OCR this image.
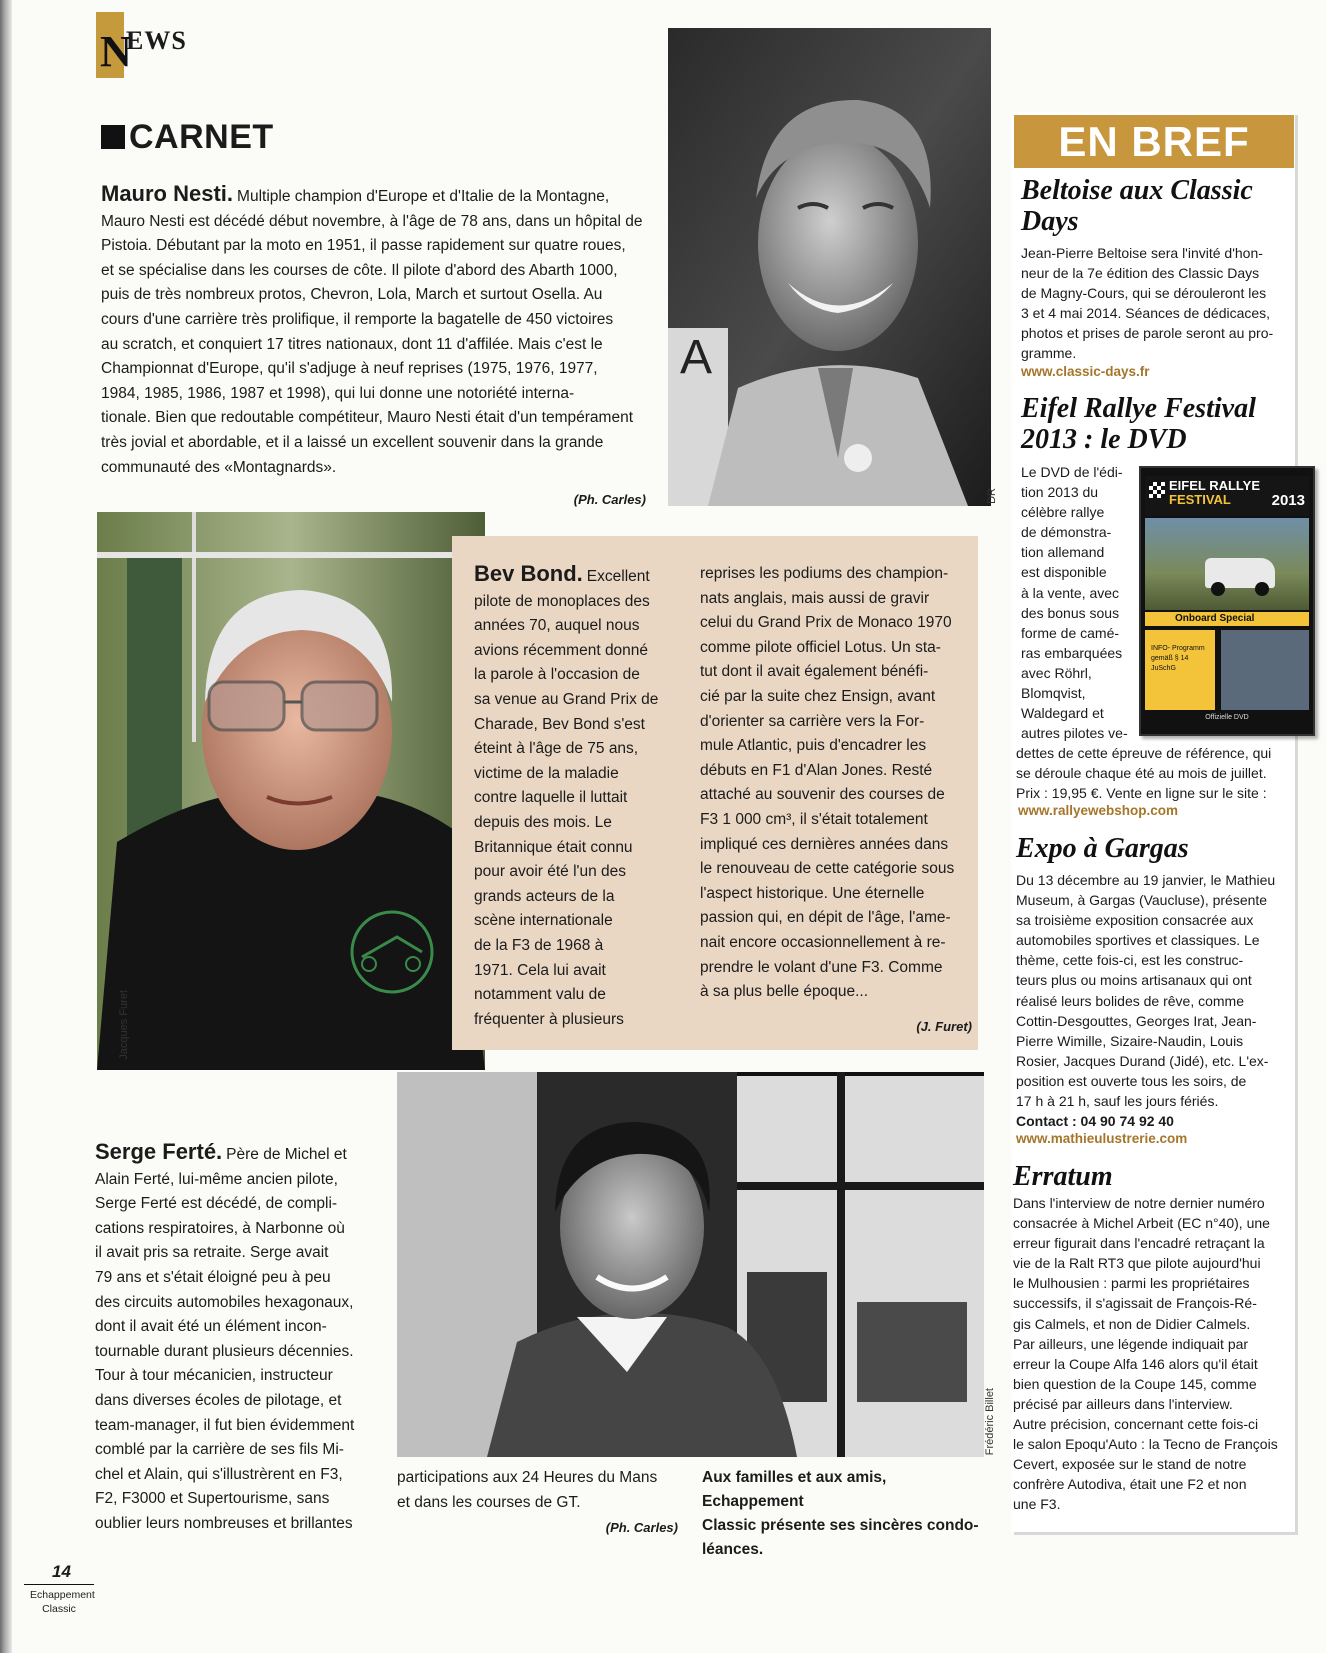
N
EWS
CARNET
Mauro Nesti. Multiple champion d'Europe et d'Italie de la Montagne,
Mauro Nesti est décédé début novembre, à l'âge de 78 ans, dans un hôpital de
Pistoia. Débutant par la moto en 1951, il passe rapidement sur quatre roues,
et se spécialise dans les courses de côte. Il pilote d'abord des Abarth 1000,
puis de très nombreux protos, Chevron, Lola, March et surtout Osella. Au
cours d'une carrière très prolifique, il remporte la bagatelle de 450 victoires
au scratch, et conquiert 17 titres nationaux, dont 11 d'affilée. Mais c'est le
Championnat d'Europe, qu'il s'adjuge à neuf reprises (1975, 1976, 1977,
1984, 1985, 1986, 1987 et 1998), qui lui donne une notoriété interna-
tionale. Bien que redoutable compétiteur, Mauro Nesti était d'un tempérament
très jovial et abordable, et il a laissé un excellent souvenir dans la grande
communauté des «Montagnards».
(Ph. Carles)
A
DR
Jacques Furet
Bev Bond. Excellent
pilote de monoplaces des
années 70, auquel nous
avions récemment donné
la parole à l'occasion de
sa venue au Grand Prix de
Charade, Bev Bond s'est
éteint à l'âge de 75 ans,
victime de la maladie
contre laquelle il luttait
depuis des mois. Le
Britannique était connu
pour avoir été l'un des
grands acteurs de la
scène internationale
de la F3 de 1968 à
1971. Cela lui avait
notamment valu de
fréquenter à plusieurs
reprises les podiums des champion-
nats anglais, mais aussi de gravir
celui du Grand Prix de Monaco 1970
comme pilote officiel Lotus. Un sta-
tut dont il avait également bénéfi-
cié par la suite chez Ensign, avant
d'orienter sa carrière vers la For-
mule Atlantic, puis d'encadrer les
débuts en F1 d'Alan Jones. Resté
attaché au souvenir des courses de
F3 1 000 cm³, il s'était totalement
impliqué ces dernières années dans
le renouveau de cette catégorie sous
l'aspect historique. Une éternelle
passion qui, en dépit de l'âge, l'ame-
nait encore occasionnellement à re-
prendre le volant d'une F3. Comme
à sa plus belle époque...
(J. Furet)
Frédéric Billet
Serge Ferté. Père de Michel et
Alain Ferté, lui-même ancien pilote,
Serge Ferté est décédé, de compli-
cations respiratoires, à Narbonne où
il avait pris sa retraite. Serge avait
79 ans et s'était éloigné peu à peu
des circuits automobiles hexagonaux,
dont il avait été un élément incon-
tournable durant plusieurs décennies.
Tour à tour mécanicien, instructeur
dans diverses écoles de pilotage, et
team-manager, il fut bien évidemment
comblé par la carrière de ses fils Mi-
chel et Alain, qui s'illustrèrent en F3,
F2, F3000 et Supertourisme, sans
oublier leurs nombreuses et brillantes
participations aux 24 Heures du Mans
et dans les courses de GT.
(Ph. Carles)
Aux familles et aux amis, Echappement
Classic présente ses sincères condo-
léances.
EN BREF
Beltoise aux Classic Days
Jean-Pierre Beltoise sera l'invité d'hon-
neur de la 7e édition des Classic Days
de Magny-Cours, qui se dérouleront les
3 et 4 mai 2014. Séances de dédicaces,
photos et prises de parole seront au pro-
gramme.
www.classic-days.fr
Eifel Rallye Festival 2013 : le DVD
Le DVD de l'édi-
tion 2013 du
célèbre rallye
de démonstra-
tion allemand
est disponible
à la vente, avec
des bonus sous
forme de camé-
ras embarquées
avec Röhrl,
Blomqvist,
Waldegard et
autres pilotes ve-
dettes de cette épreuve de référence, qui
se déroule chaque été au mois de juillet.
Prix : 19,95 €. Vente en ligne sur le site :
www.rallyewebshop.com
EIFEL RALLYE
FESTIVAL	2013
Onboard Special
INFO- Programm gemäß § 14 JuSchG
Offizielle DVD
Expo à Gargas
Du 13 décembre au 19 janvier, le Mathieu
Museum, à Gargas (Vaucluse), présente
sa troisième exposition consacrée aux
automobiles sportives et classiques. Le
thème, cette fois-ci, est les construc-
teurs plus ou moins artisanaux qui ont
réalisé leurs bolides de rêve, comme
Cottin-Desgouttes, Georges Irat, Jean-
Pierre Wimille, Sizaire-Naudin, Louis
Rosier, Jacques Durand (Jidé), etc. L'ex-
position est ouverte tous les soirs, de
17 h à 21 h, sauf les jours fériés.
Contact : 04 90 74 92 40
www.mathieulustrerie.com
Erratum
Dans l'interview de notre dernier numéro
consacrée à Michel Arbeit (EC n°40), une
erreur figurait dans l'encadré retraçant la
vie de la Ralt RT3 que pilote aujourd'hui
le Mulhousien : parmi les propriétaires
successifs, il s'agissait de François-Ré-
gis Calmels, et non de Didier Calmels.
Par ailleurs, une légende indiquait par
erreur la Coupe Alfa 146 alors qu'il était
bien question de la Coupe 145, comme
précisé par ailleurs dans l'interview.
Autre précision, concernant cette fois-ci
le salon Epoqu'Auto : la Tecno de François
Cevert, exposée sur le stand de notre
confrère Autodiva, était une F2 et non
une F3.
14
Echappement
Classic
